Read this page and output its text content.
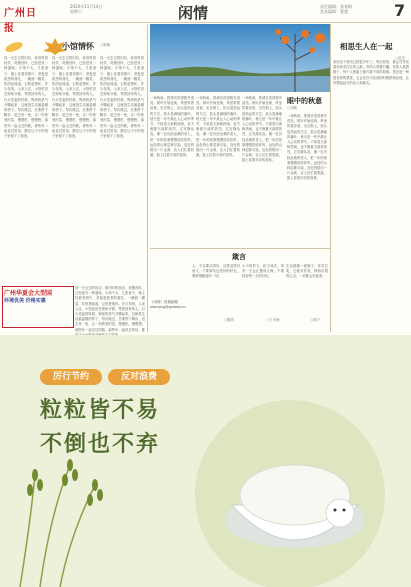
广州日报
2020年11月14日
星期六	闲情	责任编辑：张春梅
美术编辑：曹越	7
小馆情怀 ○陈梅
同一天去过的旧店，和旧时的伙伴，再聚首时，已经是另一种滋味。小馆不大，几张桌子，墙上挂着老照片，老板是熟悉的面孔，一碗面一碟菜，吃的是味道，记的是情怀。岁月匆匆，人来人往，小馆依旧在街角守候，等着回家的人。灯火亮起的时候，锅里的热气升腾起来，这就是生活最温暖的样子。每次路过，总要停下脚步，进去坐一坐，点一份熟悉的菜，慢慢吃，慢慢想。那些年一起走过的路，那些年一起说过的话，都在这小小的馆子里留下了痕迹。
同一天去过的旧店，和旧时的伙伴，再聚首时，已经是另一种滋味。小馆不大，几张桌子，墙上挂着老照片，老板是熟悉的面孔，一碗面一碟菜，吃的是味道，记的是情怀。岁月匆匆，人来人往，小馆依旧在街角守候，等着回家的人。灯火亮起的时候，锅里的热气升腾起来，这就是生活最温暖的样子。每次路过，总要停下脚步，进去坐一坐，点一份熟悉的菜，慢慢吃，慢慢想。那些年一起走过的路，那些年一起说过的话，都在这小小的馆子里留下了痕迹。
同一天去过的旧店，和旧时的伙伴，再聚首时，已经是另一种滋味。小馆不大，几张桌子，墙上挂着老照片，老板是熟悉的面孔，一碗面一碟菜，吃的是味道，记的是情怀。岁月匆匆，人来人往，小馆依旧在街角守候，等着回家的人。灯火亮起的时候，锅里的热气升腾起来，这就是生活最温暖的样子。每次路过，总要停下脚步，进去坐一坐，点一份熟悉的菜，慢慢吃，慢慢想。那些年一起走过的路，那些年一起说过的话，都在这小小的馆子里留下了痕迹。
同一天去过的旧店，和旧时的伙伴，再聚首时，已经是另一种滋味。小馆不大，几张桌子，墙上挂着老照片，老板是熟悉的面孔，一碗面一碟菜，吃的是味道，记的是情怀。岁月匆匆，人来人往，小馆依旧在街角守候，等着回家的人。灯火亮起的时候，锅里的热气升腾起来，这就是生活最温暖的样子。每次路过，总要停下脚步，进去坐一坐，点一份熟悉的菜，慢慢吃，慢慢想。那些年一起走过的路，那些年一起说过的话，都
广州华夏会大型国
环境优美 价格实惠	《闲情》投稿邮箱
xianqing@gzdaily.cn
眼中的秋意
○刘峻
一场秋雨，把城市洗得格外清亮。树叶开始变黄，风里带着凉意，走在街上，抬头是高远的天空，低头是满地的落叶。秋天是一年中最让人心动的季节，不似春天那般热闹，也不像夏天那样热烈，它安静从容，像一位历经沧桑的老人，把一年的故事慢慢讲给你听。远处的山林层林尽染，近处的稻田一片金黄，农人们忙着收割，脸上挂着丰收的喜悦。
一场秋雨，把城市洗得格外清亮。树叶开始变黄，风里带着凉意，走在街上，抬头是高远的天空，低头是满地的落叶。秋天是一年中最让人心动的季节，不似春天那般热闹，也不像夏天那样热烈，它安静从容，像一位历经沧桑的老人，把一年的故事慢慢讲给你听。远处的山林层林尽染，近处的稻田一片金黄，农人们忙着收割，脸上挂着丰收的喜悦。
一场秋雨，把城市洗得格外清亮。树叶开始变黄，风里带着凉意，走在街上，抬头是高远的天空，低头是满地的落叶。秋天是一年中最让人心动的季节，不似春天那般热闹，也不像夏天那样热烈，它安静从容，像一位历经沧桑的老人，把一年的故事慢慢讲给你听。远处的山林层林尽染，近处的稻田一片金黄，农人们忙着收割，脸上挂着丰收的喜悦。
一场秋雨，把城市洗得格外清亮。树叶开始变黄，风里带着凉意，走在街上，抬头是高远的天空，低头是满地的落叶。秋天是一年中最让人心动的季节，不似春天那般热闹，也不像夏天那样热烈，它安静从容，像一位历经沧桑的老人，把一年的故事慢慢讲给你听。远处的山林层林尽染，近处的稻田一片金黄，农人们忙着收割，脸上挂着丰收的喜悦。
相思生人在一起
○赵亮
来到这个城市已经很多年了，每次回家，都会在车站看到来来往往的人群。有的人背着行囊，有的人拖着箱子，每个人的脸上都写着不同的故事。思念是一种很奇妙的感觉，它会在你不经意的时候悄悄出现，让你想起远方的亲人和朋友。
箴言
人，不仅要活得好，还要活得有意义，不要辜负这美好的时光，要珍惜眼前的一切。
○魏青
小小的努力，积少成多，终有一天会汇聚成大海，不要轻视每一天的付出。
○王冬梅
生活就像一面镜子，你对它笑，它就对你笑，保持乐观的心态，一切都会好起来。
○郭宁
厉行节约	反对浪费
粒粒皆不易
不倒也不弃
